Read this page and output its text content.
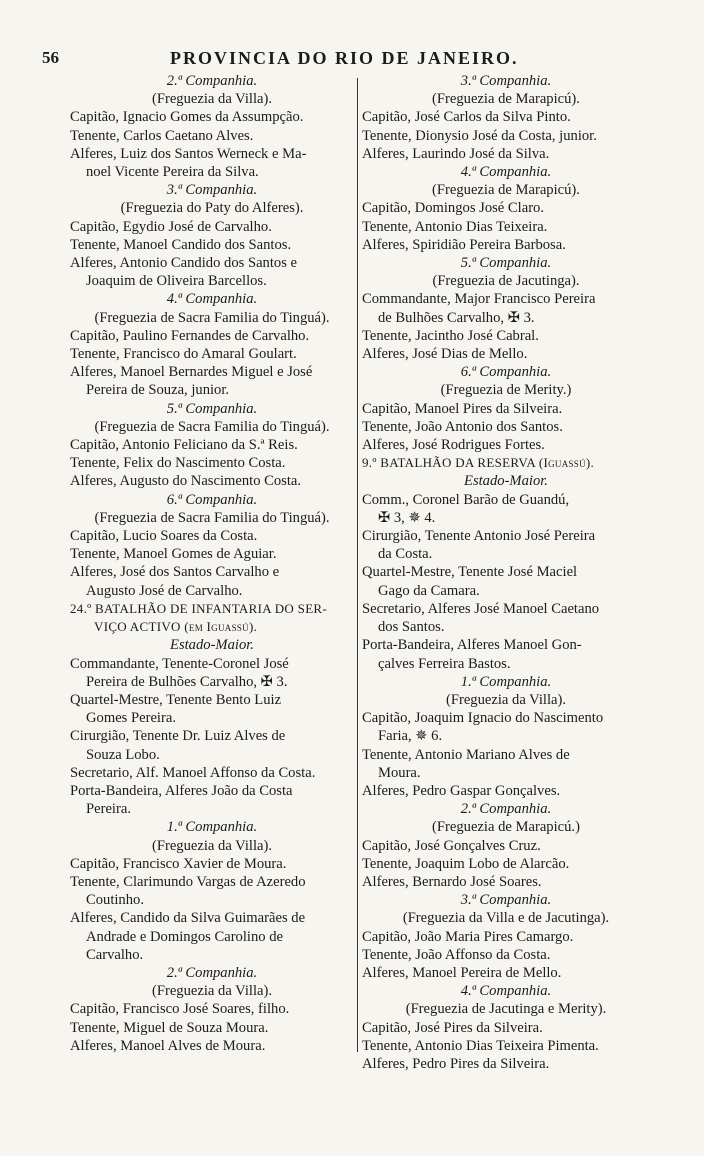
56	PROVINCIA DO RIO DE JANEIRO.
2.ª Companhia.
(Freguezia da Villa).
Capitão, Ignacio Gomes da Assumpção.
Tenente, Carlos Caetano Alves.
Alferes, Luiz dos Santos Werneck e Ma-
noel Vicente Pereira da Silva.
3.ª Companhia.
(Freguezia do Paty do Alferes).
Capitão, Egydio José de Carvalho.
Tenente, Manoel Candido dos Santos.
Alferes, Antonio Candido dos Santos e
Joaquim de Oliveira Barcellos.
4.ª Companhia.
(Freguezia de Sacra Familia do Tinguá).
Capitão, Paulino Fernandes de Carvalho.
Tenente, Francisco do Amaral Goulart.
Alferes, Manoel Bernardes Miguel e José
Pereira de Souza, junior.
5.ª Companhia.
(Freguezia de Sacra Familia do Tinguá).
Capitão, Antonio Feliciano da S.ª Reis.
Tenente, Felix do Nascimento Costa.
Alferes, Augusto do Nascimento Costa.
6.ª Companhia.
(Freguezia de Sacra Familia do Tinguá).
Capitão, Lucio Soares da Costa.
Tenente, Manoel Gomes de Aguiar.
Alferes, José dos Santos Carvalho e
Augusto José de Carvalho.
24.º BATALHÃO DE INFANTARIA DO SER-
VIÇO ACTIVO (em Iguassú).
Estado-Maior.
Commandante, Tenente-Coronel José
Pereira de Bulhões Carvalho, ✠ 3.
Quartel-Mestre, Tenente Bento Luiz
Gomes Pereira.
Cirurgião, Tenente Dr. Luiz Alves de
Souza Lobo.
Secretario, Alf. Manoel Affonso da Costa.
Porta-Bandeira, Alferes João da Costa
Pereira.
1.ª Companhia.
(Freguezia da Villa).
Capitão, Francisco Xavier de Moura.
Tenente, Clarimundo Vargas de Azeredo
Coutinho.
Alferes, Candido da Silva Guimarães de
Andrade e Domingos Carolino de
Carvalho.
2.ª Companhia.
(Freguezia da Villa).
Capitão, Francisco José Soares, filho.
Tenente, Miguel de Souza Moura.
Alferes, Manoel Alves de Moura.
3.ª Companhia.
(Freguezia de Marapicú).
Capitão, José Carlos da Silva Pinto.
Tenente, Dionysio José da Costa, junior.
Alferes, Laurindo José da Silva.
4.ª Companhia.
(Freguezia de Marapicú).
Capitão, Domingos José Claro.
Tenente, Antonio Dias Teixeira.
Alferes, Spiridião Pereira Barbosa.
5.ª Companhia.
(Freguezia de Jacutinga).
Commandante, Major Francisco Pereira
de Bulhões Carvalho, ✠ 3.
Tenente, Jacintho José Cabral.
Alferes, José Dias de Mello.
6.ª Companhia.
(Freguezia de Merity.)
Capitão, Manoel Pires da Silveira.
Tenente, João Antonio dos Santos.
Alferes, José Rodrigues Fortes.
9.º BATALHÃO DA RESERVA (Iguassú).
Estado-Maior.
Comm., Coronel Barão de Guandú,
✠ 3, ✵ 4.
Cirurgião, Tenente Antonio José Pereira
da Costa.
Quartel-Mestre, Tenente José Maciel
Gago da Camara.
Secretario, Alferes José Manoel Caetano
dos Santos.
Porta-Bandeira, Alferes Manoel Gon-
çalves Ferreira Bastos.
1.ª Companhia.
(Freguezia da Villa).
Capitão, Joaquim Ignacio do Nascimento
Faria, ✵ 6.
Tenente, Antonio Mariano Alves de
Moura.
Alferes, Pedro Gaspar Gonçalves.
2.ª Companhia.
(Freguezia de Marapicú.)
Capitão, José Gonçalves Cruz.
Tenente, Joaquim Lobo de Alarcão.
Alferes, Bernardo José Soares.
3.ª Companhia.
(Freguezia da Villa e de Jacutinga).
Capitão, João Maria Pires Camargo.
Tenente, João Affonso da Costa.
Alferes, Manoel Pereira de Mello.
4.ª Companhia.
(Freguezia de Jacutinga e Merity).
Capitão, José Pires da Silveira.
Tenente, Antonio Dias Teixeira Pimenta.
Alferes, Pedro Pires da Silveira.
